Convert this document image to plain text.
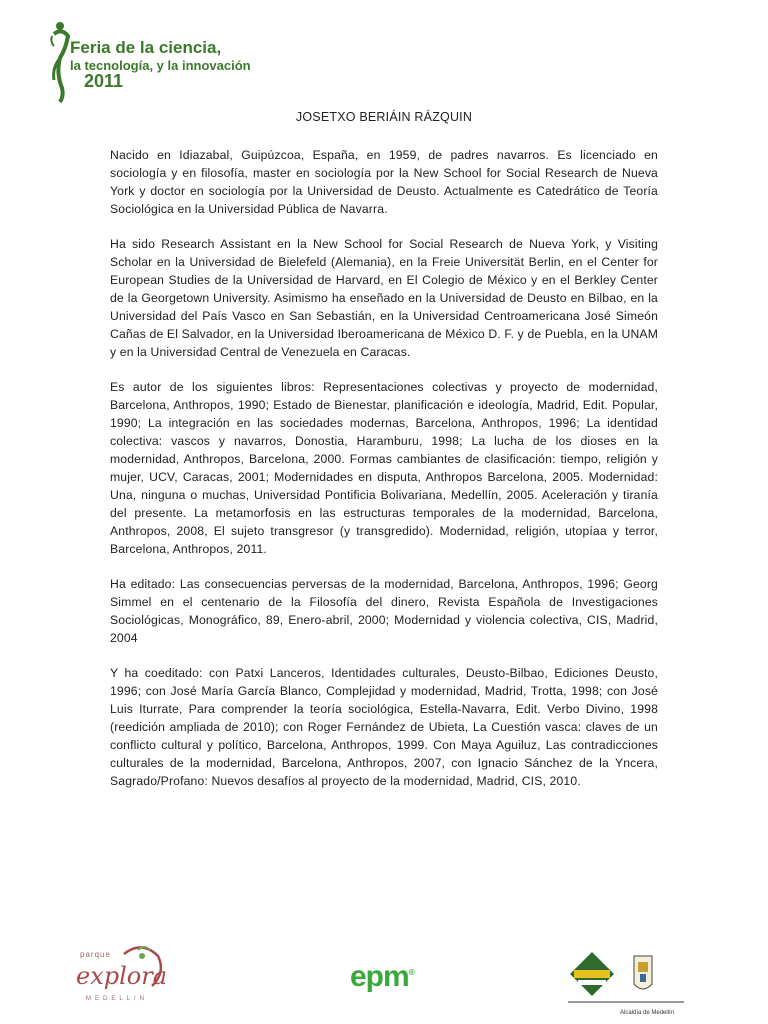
Feria de la ciencia,
la tecnología, y la innovación
2011
JOSETXO BERIÁIN RÁZQUIN

Nacido en Idiazabal, Guipúzcoa, España, en 1959, de padres navarros. Es licenciado en sociología y en filosofía, master en sociología por la New School for Social Research de Nueva York y doctor en sociología por la Universidad de Deusto. Actualmente es Catedrático de Teoría Sociológica en la Universidad Pública de Navarra.

Ha sido Research Assistant en la New School for Social Research de Nueva York, y Visiting Scholar en la Universidad de Bielefeld (Alemania), en la Freie Universität Berlin, en el Center for European Studies de la Universidad de Harvard, en El Colegio de México y en el Berkley Center de la Georgetown University. Asimismo ha enseñado en la Universidad de Deusto en Bilbao, en la Universidad del País Vasco en San Sebastián, en la Universidad Centroamericana José Simeón Cañas de El Salvador, en la Universidad Iberoamericana de México D. F. y de Puebla, en la UNAM y en la Universidad Central de Venezuela en Caracas.

Es autor de los siguientes libros: Representaciones colectivas y proyecto de modernidad, Barcelona, Anthropos, 1990; Estado de Bienestar, planificación e ideología, Madrid, Edit. Popular, 1990; La integración en las sociedades modernas, Barcelona, Anthropos, 1996; La identidad colectiva: vascos y navarros, Donostia, Haramburu, 1998; La lucha de los dioses en la modernidad, Anthropos, Barcelona, 2000. Formas cambiantes de clasificación: tiempo, religión y mujer, UCV, Caracas, 2001; Modernidades en disputa, Anthropos Barcelona, 2005. Modernidad: Una, ninguna o muchas, Universidad Pontificia Bolivariana, Medellín, 2005. Aceleración y tiranía del presente. La metamorfosis en las estructuras temporales de la modernidad, Barcelona, Anthropos, 2008, El sujeto transgresor (y transgredido). Modernidad, religión, utopíaa y terror, Barcelona, Anthropos, 2011.

Ha editado: Las consecuencias perversas de la modernidad, Barcelona, Anthropos, 1996; Georg Simmel en el centenario de la Filosofía del dinero, Revista Española de Investigaciones Sociológicas, Monográfico, 89, Enero-abril, 2000; Modernidad y violencia colectiva, CIS, Madrid, 2004

Y ha coeditado: con Patxi Lanceros, Identidades culturales, Deusto-Bilbao, Ediciones Deusto, 1996; con José María García Blanco, Complejidad y modernidad, Madrid, Trotta, 1998; con José Luis Iturrate, Para comprender la teoría sociológica, Estella-Navarra, Edit. Verbo Divino, 1998 (reedición ampliada de 2010); con Roger Fernández de Ubieta, La Cuestión vasca: claves de un conflicto cultural y político, Barcelona, Anthropos, 1999. Con Maya Aguiluz, Las contradicciones culturales de la modernidad, Barcelona, Anthropos, 2007, con Ignacio Sánchez de la Yncera, Sagrado/Profano: Nuevos desafíos al proyecto de la modernidad, Madrid, CIS, 2010.

parque
explora
MEDELLIN
epm®
Alcaldía de Medellín
